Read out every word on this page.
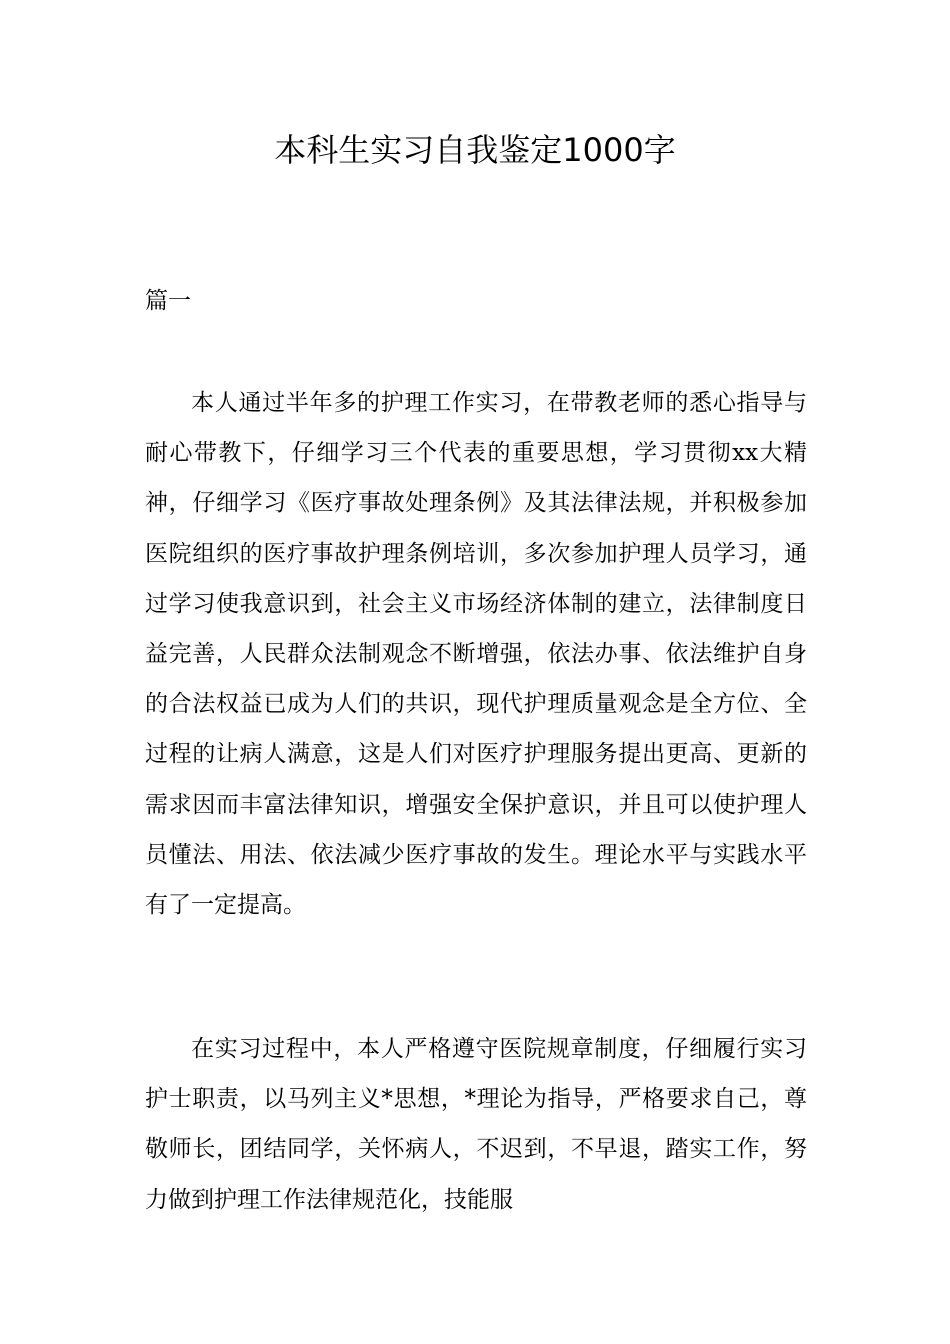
本科生实习自我鉴定1000字

篇一

本人通过半年多的护理工作实习，在带教老师的悉心指导与耐心带教下，仔细学习三个代表的重要思想，学习贯彻xx大精神，仔细学习《医疗事故处理条例》及其法律法规，并积极参加医院组织的医疗事故护理条例培训，多次参加护理人员学习，通过学习使我意识到，社会主义市场经济体制的建立，法律制度日益完善，人民群众法制观念不断增强，依法办事、依法维护自身的合法权益已成为人们的共识，现代护理质量观念是全方位、全过程的让病人满意，这是人们对医疗护理服务提出更高、更新的需求因而丰富法律知识，增强安全保护意识，并且可以使护理人员懂法、用法、依法减少医疗事故的发生。理论水平与实践水平有了一定提高。

在实习过程中，本人严格遵守医院规章制度，仔细履行实习护士职责，以马列主义*思想，*理论为指导，严格要求自己，尊敬师长，团结同学，关怀病人，不迟到，不早退，踏实工作，努力做到护理工作法律规范化，技能服
